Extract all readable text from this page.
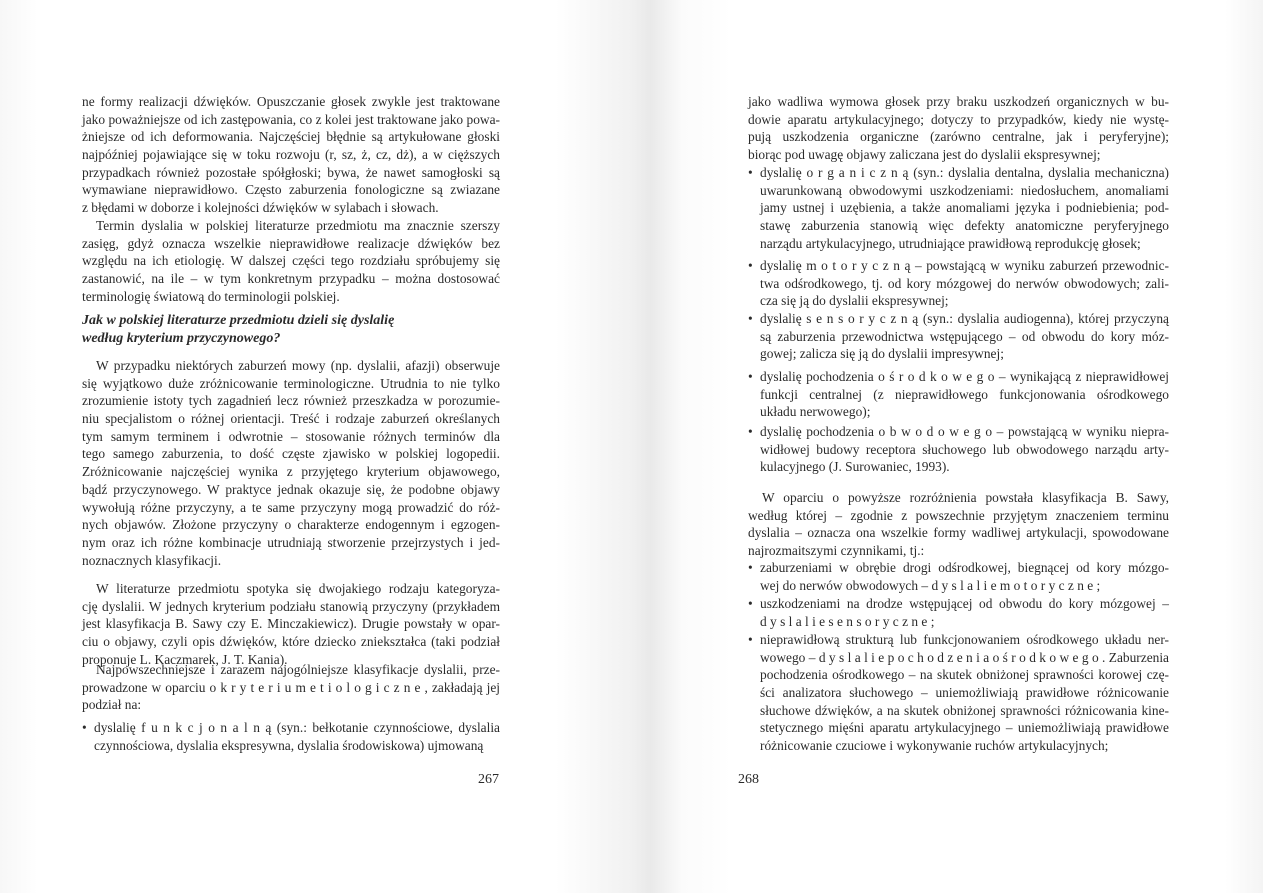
ne formy realizacji dźwięków. Opuszczanie głosek zwykle jest traktowane
jako poważniejsze od ich zastępowania, co z kolei jest traktowane jako powa-
żniejsze od ich deformowania. Najczęściej błędnie są artykułowane głoski
najpóźniej pojawiające się w toku rozwoju (r, sz, ż, cz, dż), a w cięższych
przypadkach również pozostałe spółgłoski; bywa, że nawet samogłoski są
wymawiane nieprawidłowo. Często zaburzenia fonologiczne są zwiazane
z błędami w doborze i kolejności dźwięków w sylabach i słowach.
Termin dyslalia w polskiej literaturze przedmiotu ma znacznie szerszy
zasięg, gdyż oznacza wszelkie nieprawidłowe realizacje dźwięków bez
względu na ich etiologię. W dalszej części tego rozdziału spróbujemy się
zastanowić, na ile – w tym konkretnym przypadku – można dostosować
terminologię światową do terminologii polskiej.
Jak w polskiej literaturze przedmiotu dzieli się dyslalię
według kryterium przyczynowego?
W przypadku niektórych zaburzeń mowy (np. dyslalii, afazji) obserwuje
się wyjątkowo duże zróżnicowanie terminologiczne. Utrudnia to nie tylko
zrozumienie istoty tych zagadnień lecz również przeszkadza w porozumie-
niu specjalistom o różnej orientacji. Treść i rodzaje zaburzeń określanych
tym samym terminem i odwrotnie – stosowanie różnych terminów dla
tego samego zaburzenia, to dość częste zjawisko w polskiej logopedii.
Zróżnicowanie najczęściej wynika z przyjętego kryterium objawowego,
bądź przyczynowego. W praktyce jednak okazuje się, że podobne objawy
wywołują różne przyczyny, a te same przyczyny mogą prowadzić do róż-
nych objawów. Złożone przyczyny o charakterze endogennym i egzogen-
nym oraz ich różne kombinacje utrudniają stworzenie przejrzystych i jed-
noznacznych klasyfikacji.
W literaturze przedmiotu spotyka się dwojakiego rodzaju kategoryza-
cję dyslalii. W jednych kryterium podziału stanowią przyczyny (przykładem
jest klasyfikacja B. Sawy czy E. Minczakiewicz). Drugie powstały w opar-
ciu o objawy, czyli opis dźwięków, które dziecko zniekształca (taki podział
proponuje L. Kaczmarek, J. T. Kania).
Najpowszechniejsze i zarazem najogólniejsze klasyfikacje dyslalii, prze-
prowadzone w oparciu o k r y t e r i u m e t i o l o g i c z n e , zakładają jej
podział na:
• dyslalię f u n k c j o n a l n ą (syn.: bełkotanie czynnościowe, dyslalia
czynnościowa, dyslalia ekspresywna, dyslalia środowiskowa) ujmowaną
jako wadliwa wymowa głosek przy braku uszkodzeń organicznych w bu-
dowie aparatu artykulacyjnego; dotyczy to przypadków, kiedy nie wystę-
pują uszkodzenia organiczne (zarówno centralne, jak i peryferyjne);
biorąc pod uwagę objawy zaliczana jest do dyslalii ekspresywnej;
• dyslalię o r g a n i c z n ą (syn.: dyslalia dentalna, dyslalia mechaniczna)
uwarunkowaną obwodowymi uszkodzeniami: niedosłuchem, anomaliami
jamy ustnej i uzębienia, a także anomaliami języka i podniebienia; pod-
stawę zaburzenia stanowią więc defekty anatomiczne peryferyjnego
narządu artykulacyjnego, utrudniające prawidłową reprodukcję głosek;
• dyslalię m o t o r y c z n ą – powstającą w wyniku zaburzeń przewodnic-
twa odśrodkowego, tj. od kory mózgowej do nerwów obwodowych; zali-
cza się ją do dyslalii ekspresywnej;
• dyslalię s e n s o r y c z n ą (syn.: dyslalia audiogenna), której przyczyną
są zaburzenia przewodnictwa wstępującego – od obwodu do kory móz-
gowej; zalicza się ją do dyslalii impresywnej;
• dyslalię pochodzenia o ś r o d k o w e g o – wynikającą z nieprawidłowej
funkcji centralnej (z nieprawidłowego funkcjonowania ośrodkowego
układu nerwowego);
• dyslalię pochodzenia o b w o d o w e g o – powstającą w wyniku niepra-
widłowej budowy receptora słuchowego lub obwodowego narządu arty-
kulacyjnego (J. Surowaniec, 1993).
W oparciu o powyższe rozróżnienia powstała klasyfikacja B. Sawy,
według której – zgodnie z powszechnie przyjętym znaczeniem terminu
dyslalia – oznacza ona wszelkie formy wadliwej artykulacji, spowodowane
najrozmaitszymi czynnikami, tj.:
• zaburzeniami w obrębie drogi odśrodkowej, biegnącej od kory mózgo-
wej do nerwów obwodowych – d y s l a l i e m o t o r y c z n e ;
• uszkodzeniami na drodze wstępującej od obwodu do kory mózgowej –
d y s l a l i e s e n s o r y c z n e ;
• nieprawidłową strukturą lub funkcjonowaniem ośrodkowego układu ner-
wowego – d y s l a l i e p o c h o d z e n i a o ś r o d k o w e g o . Zaburzenia
pochodzenia ośrodkowego – na skutek obniżonej sprawności korowej czę-
ści analizatora słuchowego – uniemożliwiają prawidłowe różnicowanie
słuchowe dźwięków, a na skutek obniżonej sprawności różnicowania kine-
stetycznego mięśni aparatu artykulacyjnego – uniemożliwiają prawidłowe
różnicowanie czuciowe i wykonywanie ruchów artykulacyjnych;
267	268
